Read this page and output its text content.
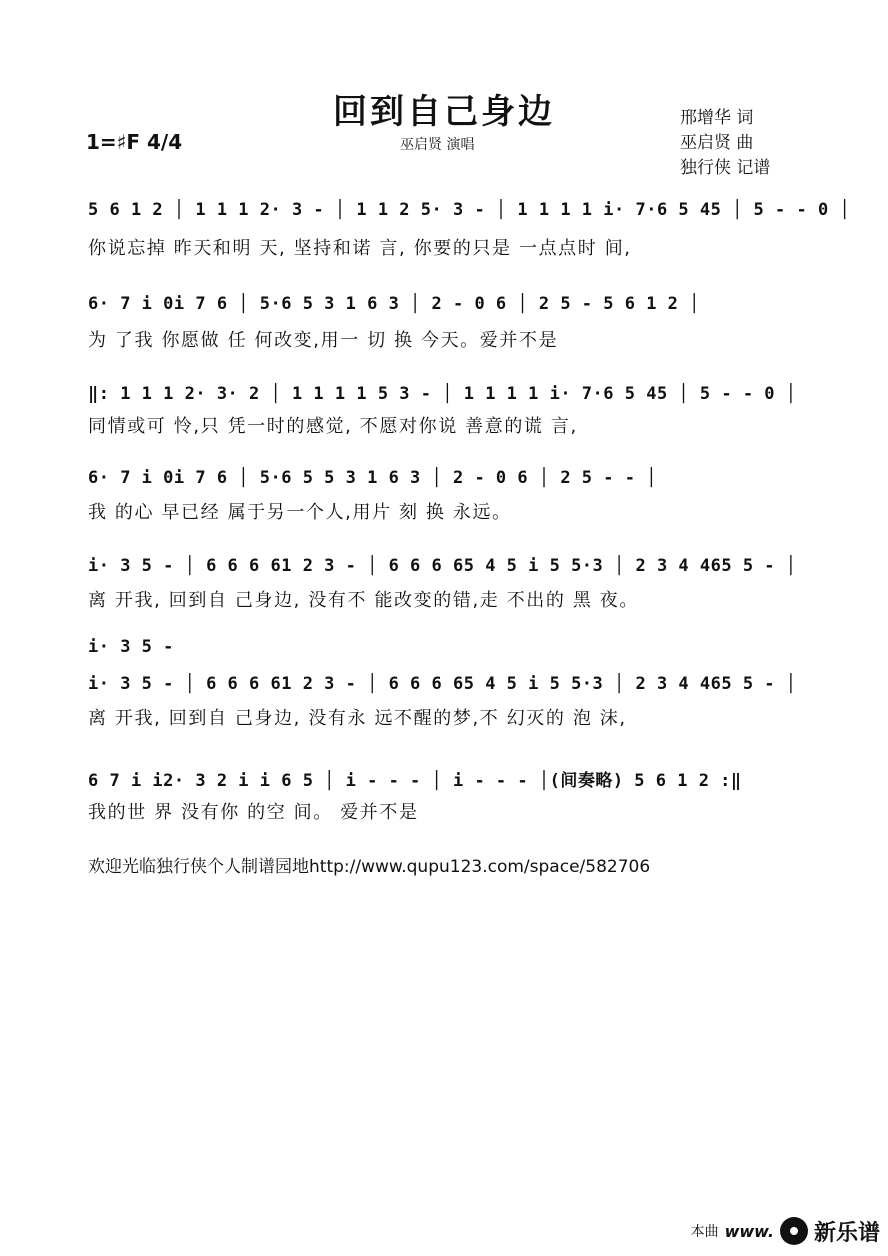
回到自己身边
1=♯F 4/4	巫启贤 演唱
邢增华 词
巫启贤 曲
独行侠 记谱
5 6 1 2 │ 1 1 1 2· 3 - │ 1 1 2 5· 3 - │ 1 1 1 1 i· 7·6 5 45 │ 5 - - 0 │
你说忘掉 昨天和明 天, 坚持和诺 言, 你要的只是 一点点时 间,
6· 7 i 0i 7 6 │ 5·6 5 3 1 6 3 │ 2 - 0 6 │ 2 5 - 5 6 1 2 │
为 了我 你愿做 任 何改变,用一 切 换 今天。爱并不是
‖: 1 1 1 2· 3· 2 │ 1 1 1 1 5 3 - │ 1 1 1 1 i· 7·6 5 45 │ 5 - - 0 │
同情或可 怜,只 凭一时的感觉, 不愿对你说 善意的谎 言,
6· 7 i 0i 7 6 │ 5·6 5 5 3 1 6 3 │ 2 - 0 6 │ 2 5 - - │
我 的心 早已经 属于另一个人,用片 刻 换 永远。
i· 3 5 - │ 6 6 6 61 2 3 - │ 6 6 6 65 4 5 i 5 5·3 │ 2 3 4 465 5 - │
离 开我, 回到自 己身边, 没有不 能改变的错,走 不出的 黑 夜。
i· 3 5 -
i· 3 5 - │ 6 6 6 61 2 3 - │ 6 6 6 65 4 5 i 5 5·3 │ 2 3 4 465 5 - │
离 开我, 回到自 己身边, 没有永 远不醒的梦,不 幻灭的 泡 沫,
6 7 i i2· 3 2 i i 6 5 │ i - - - │ i - - - │(间奏略) 5 6 1 2 :‖
我的世 界 没有你 的空 间。 爱并不是
欢迎光临独行侠个人制谱园地http://www.qupu123.com/space/582706
本曲 www. 新乐谱
